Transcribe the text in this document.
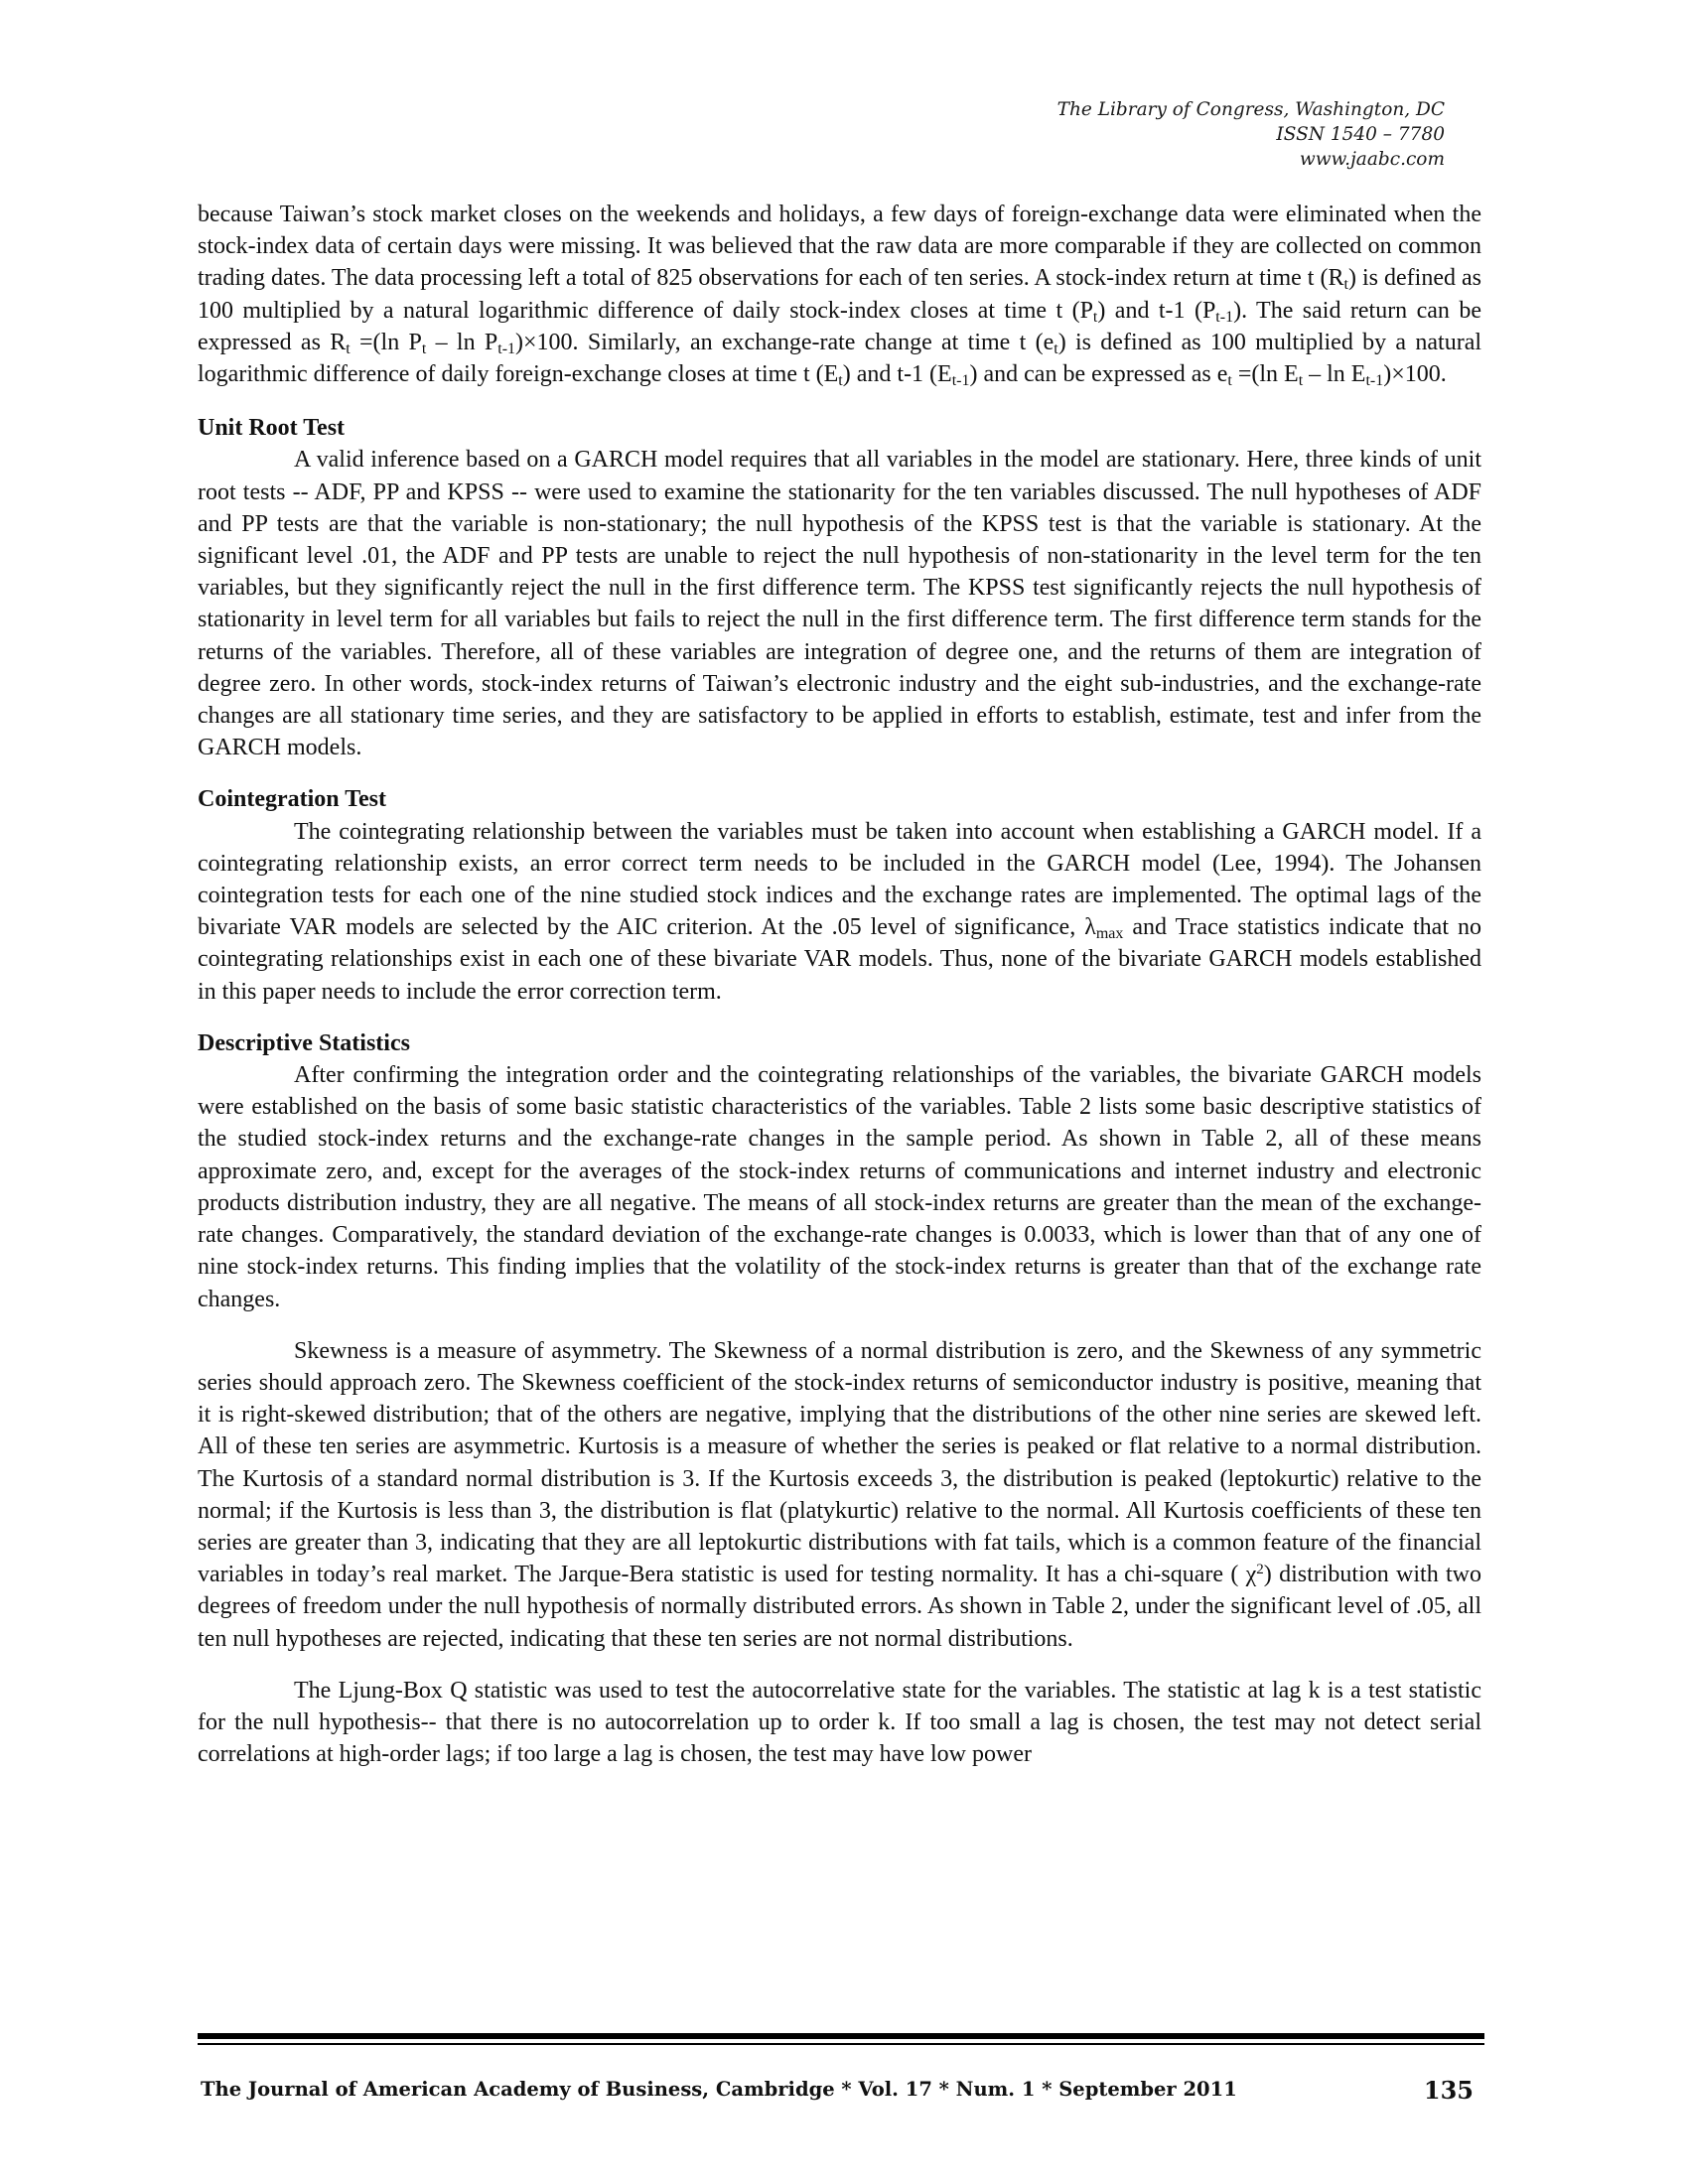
The Library of Congress, Washington, DC
ISSN 1540 – 7780
www.jaabc.com

because Taiwan’s stock market closes on the weekends and holidays, a few days of foreign-exchange data were eliminated when the stock-index data of certain days were missing. It was believed that the raw data are more comparable if they are collected on common trading dates. The data processing left a total of 825 observations for each of ten series. A stock-index return at time t $(R_t)$ is defined as 100 multiplied by a natural logarithmic difference of daily stock-index closes at time t $(P_t)$ and t-1 $(P_{t-1})$. The said return can be expressed as $R_t =(\ln$ $P_t - \ln P_{t-1})\times 100$. Similarly, an exchange-rate change at time t $(e_t)$ is defined as 100 multiplied by a natural logarithmic difference of daily foreign-exchange closes at time t $(E_t)$ and t-1 $(E_{t-1})$ and can be expressed as $e_t =(\ln$ $E_t - \ln E_{t-1})\times 100$.

Unit Root Test

A valid inference based on a GARCH model requires that all variables in the model are stationary. Here, three kinds of unit root tests -- ADF, PP and KPSS -- were used to examine the stationarity for the ten variables discussed. The null hypotheses of ADF and PP tests are that the variable is non-stationary; the null hypothesis of the KPSS test is that the variable is stationary. At the significant level .01, the ADF and PP tests are unable to reject the null hypothesis of non-stationarity in the level term for the ten variables, but they significantly reject the null in the first difference term. The KPSS test significantly rejects the null hypothesis of stationarity in level term for all variables but fails to reject the null in the first difference term. The first difference term stands for the returns of the variables. Therefore, all of these variables are integration of degree one, and the returns of them are integration of degree zero. In other words, stock-index returns of Taiwan’s electronic industry and the eight sub-industries, and the exchange-rate changes are all stationary time series, and they are satisfactory to be applied in efforts to establish, estimate, test and infer from the GARCH models.

Cointegration Test

The cointegrating relationship between the variables must be taken into account when establishing a GARCH model. If a cointegrating relationship exists, an error correct term needs to be included in the GARCH model (Lee, 1994). The Johansen cointegration tests for each one of the nine studied stock indices and the exchange rates are implemented. The optimal lags of the bivariate VAR models are selected by the AIC criterion. At the .05 level of significance, $\lambda_{max}$ and Trace statistics indicate that no cointegrating relationships exist in each one of these bivariate VAR models. Thus, none of the bivariate GARCH models established in this paper needs to include the error correction term.

Descriptive Statistics

After confirming the integration order and the cointegrating relationships of the variables, the bivariate GARCH models were established on the basis of some basic statistic characteristics of the variables. Table 2 lists some basic descriptive statistics of the studied stock-index returns and the exchange-rate changes in the sample period. As shown in Table 2, all of these means approximate zero, and, except for the averages of the stock-index returns of communications and internet industry and electronic products distribution industry, they are all negative. The means of all stock-index returns are greater than the mean of the exchange-rate changes. Comparatively, the standard deviation of the exchange-rate changes is 0.0033, which is lower than that of any one of nine stock-index returns. This finding implies that the volatility of the stock-index returns is greater than that of the exchange rate changes.

Skewness is a measure of asymmetry. The Skewness of a normal distribution is zero, and the Skewness of any symmetric series should approach zero. The Skewness coefficient of the stock-index returns of semiconductor industry is positive, meaning that it is right-skewed distribution; that of the others are negative, implying that the distributions of the other nine series are skewed left. All of these ten series are asymmetric. Kurtosis is a measure of whether the series is peaked or flat relative to a normal distribution. The Kurtosis of a standard normal distribution is 3. If the Kurtosis exceeds 3, the distribution is peaked (leptokurtic) relative to the normal; if the Kurtosis is less than 3, the distribution is flat (platykurtic) relative to the normal. All Kurtosis coefficients of these ten series are greater than 3, indicating that they are all leptokurtic distributions with fat tails, which is a common feature of the financial variables in today’s real market. The Jarque-Bera statistic is used for testing normality. It has a chi-square ( $\chi^2$) distribution with two degrees of freedom under the null hypothesis of normally distributed errors. As shown in Table 2, under the significant level of .05, all ten null hypotheses are rejected, indicating that these ten series are not normal distributions.

The Ljung-Box Q statistic was used to test the autocorrelative state for the variables. The statistic at lag k is a test statistic for the null hypothesis-- that there is no autocorrelation up to order k. If too small a lag is chosen, the test may not detect serial correlations at high-order lags; if too large a lag is chosen, the test may have low power

The Journal of American Academy of Business, Cambridge * Vol. 17 * Num. 1 * September 2011	135
